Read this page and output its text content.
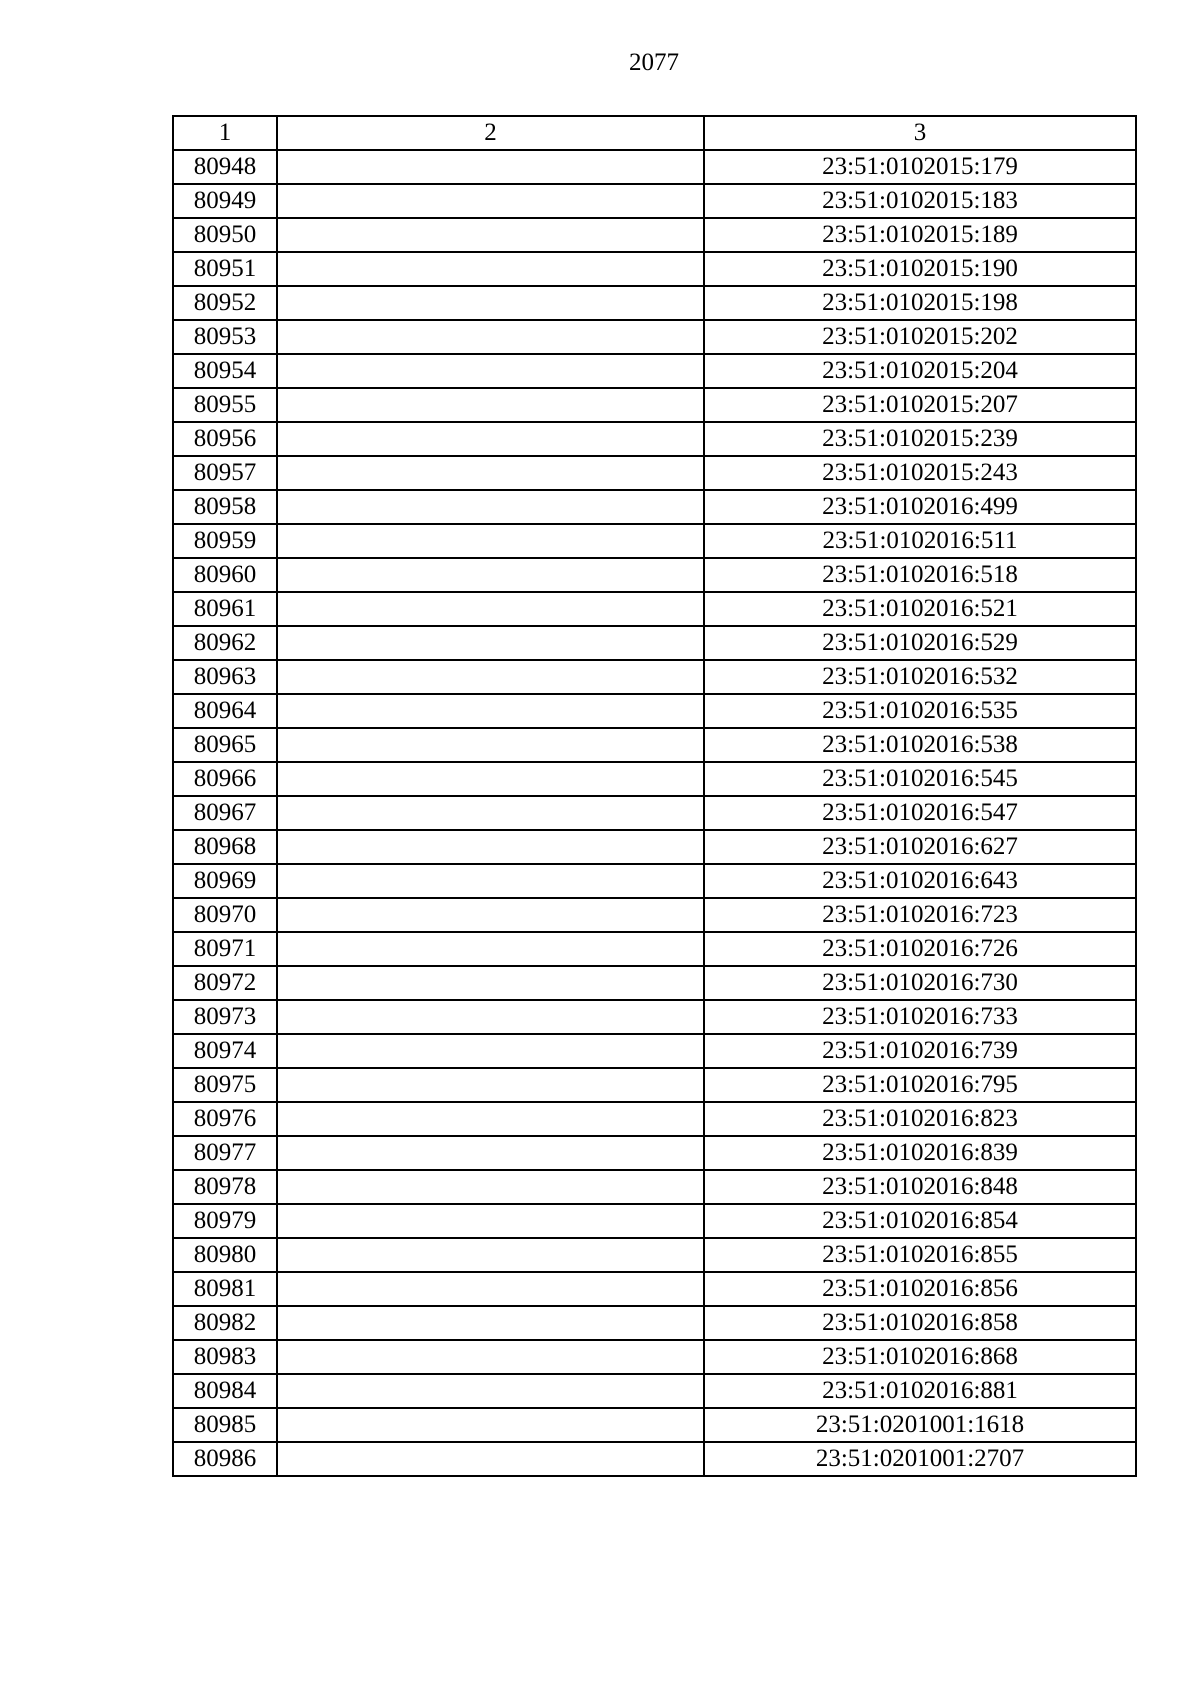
2077
1	2	3
80948		23:51:0102015:179
80949		23:51:0102015:183
80950		23:51:0102015:189
80951		23:51:0102015:190
80952		23:51:0102015:198
80953		23:51:0102015:202
80954		23:51:0102015:204
80955		23:51:0102015:207
80956		23:51:0102015:239
80957		23:51:0102015:243
80958		23:51:0102016:499
80959		23:51:0102016:511
80960		23:51:0102016:518
80961		23:51:0102016:521
80962		23:51:0102016:529
80963		23:51:0102016:532
80964		23:51:0102016:535
80965		23:51:0102016:538
80966		23:51:0102016:545
80967		23:51:0102016:547
80968		23:51:0102016:627
80969		23:51:0102016:643
80970		23:51:0102016:723
80971		23:51:0102016:726
80972		23:51:0102016:730
80973		23:51:0102016:733
80974		23:51:0102016:739
80975		23:51:0102016:795
80976		23:51:0102016:823
80977		23:51:0102016:839
80978		23:51:0102016:848
80979		23:51:0102016:854
80980		23:51:0102016:855
80981		23:51:0102016:856
80982		23:51:0102016:858
80983		23:51:0102016:868
80984		23:51:0102016:881
80985		23:51:0201001:1618
80986		23:51:0201001:2707
